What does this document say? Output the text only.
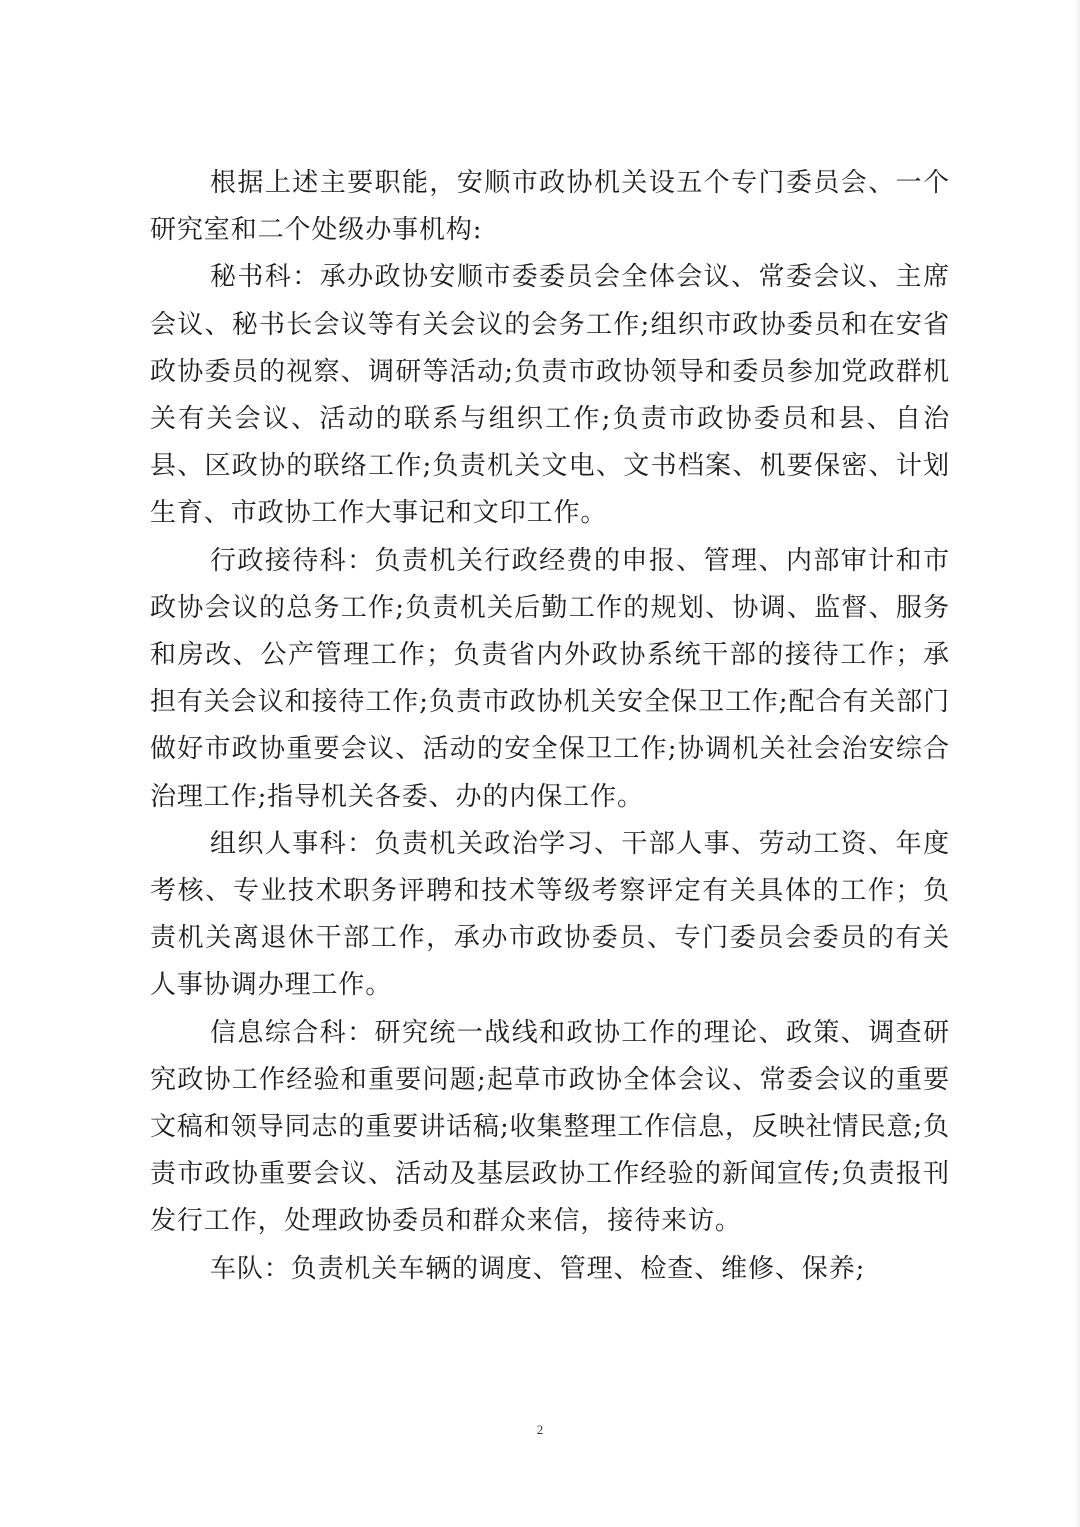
根据上述主要职能，安顺市政协机关设五个专门委员会、一个研究室和二个处级办事机构:

秘书科：承办政协安顺市委委员会全体会议、常委会议、主席会议、秘书长会议等有关会议的会务工作;组织市政协委员和在安省政协委员的视察、调研等活动;负责市政协领导和委员参加党政群机关有关会议、活动的联系与组织工作;负责市政协委员和县、自治县、区政协的联络工作;负责机关文电、文书档案、机要保密、计划生育、市政协工作大事记和文印工作。

行政接待科：负责机关行政经费的申报、管理、内部审计和市政协会议的总务工作;负责机关后勤工作的规划、协调、监督、服务和房改、公产管理工作；负责省内外政协系统干部的接待工作；承担有关会议和接待工作;负责市政协机关安全保卫工作;配合有关部门做好市政协重要会议、活动的安全保卫工作;协调机关社会治安综合治理工作;指导机关各委、办的内保工作。

组织人事科：负责机关政治学习、干部人事、劳动工资、年度考核、专业技术职务评聘和技术等级考察评定有关具体的工作；负责机关离退休干部工作，承办市政协委员、专门委员会委员的有关人事协调办理工作。

信息综合科：研究统一战线和政协工作的理论、政策、调查研究政协工作经验和重要问题;起草市政协全体会议、常委会议的重要文稿和领导同志的重要讲话稿;收集整理工作信息，反映社情民意;负责市政协重要会议、活动及基层政协工作经验的新闻宣传;负责报刊发行工作，处理政协委员和群众来信，接待来访。

车队：负责机关车辆的调度、管理、检查、维修、保养;

2
